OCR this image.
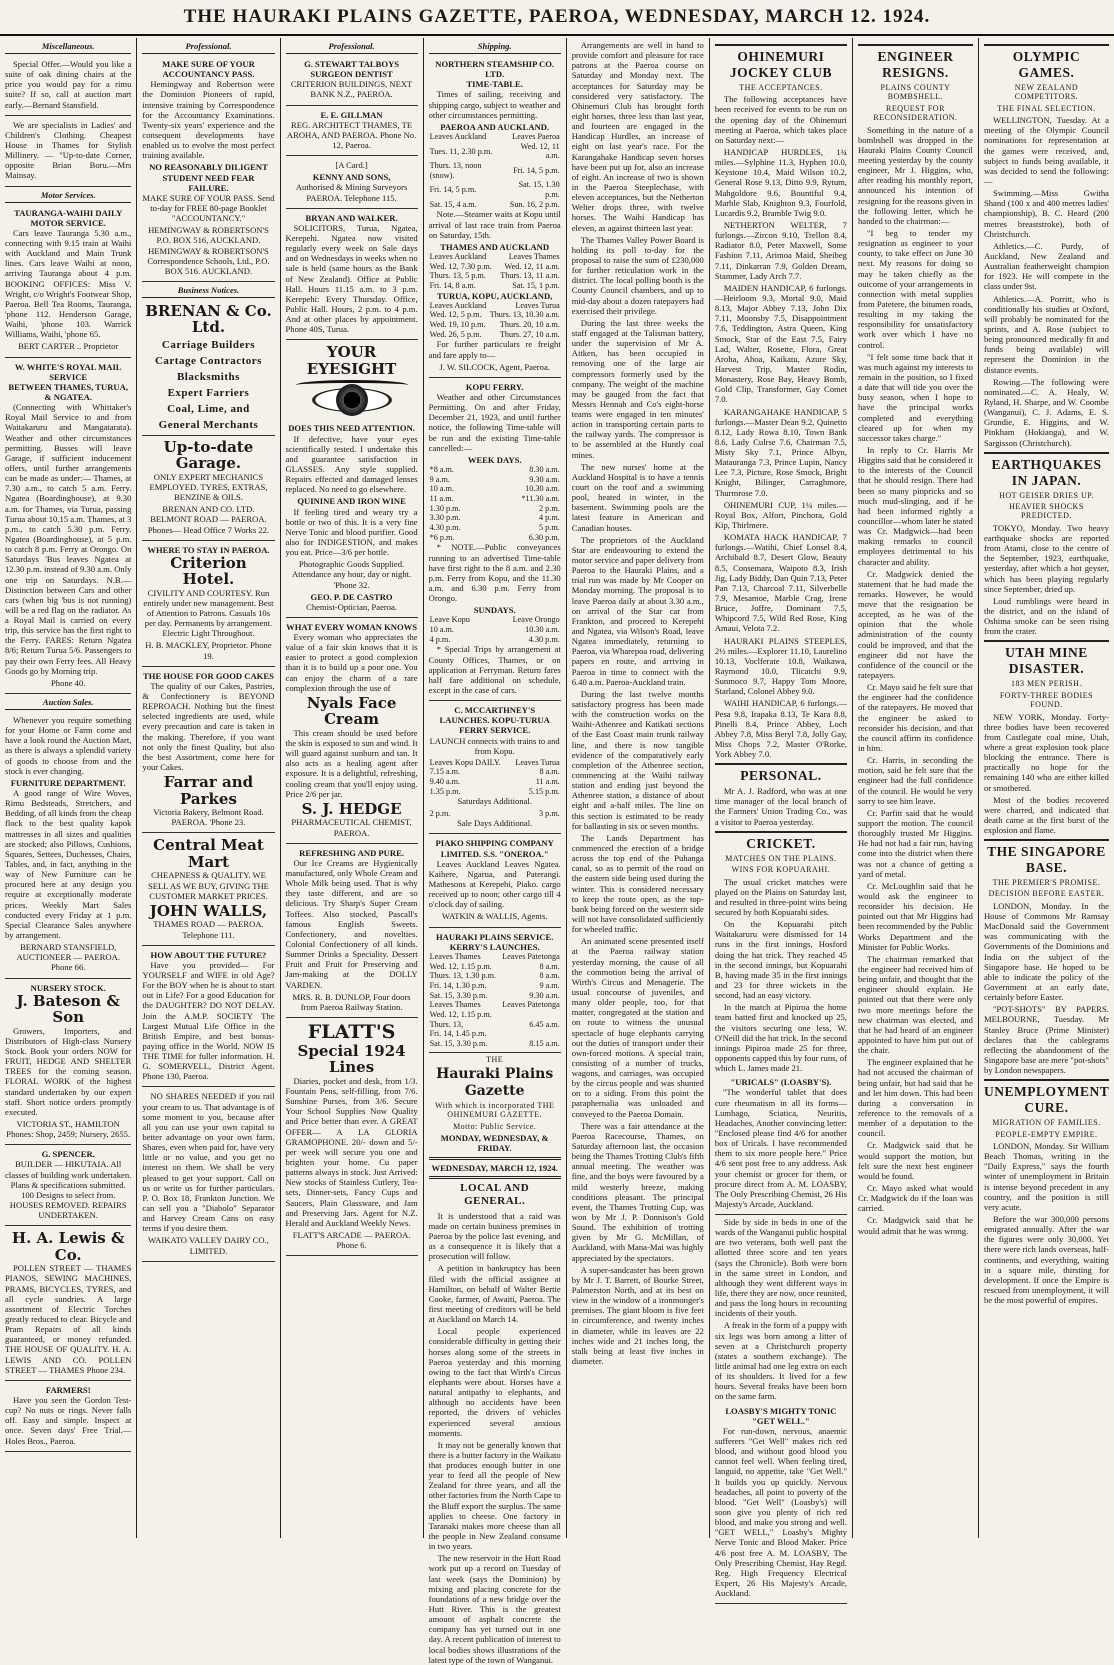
THE HAURAKI PLAINS GAZETTE, PAEROA, WEDNESDAY, MARCH 12. 1924.
Miscellaneous.

Special Offer.—Would you like a suite of oak dining chairs at the price you would pay for a rimu suite? If so, call at auction mart early.—Bernard Stansfield.

We are specialists in Ladies' and Children's Clothing. Cheapest House in Thames for Stylish Millinery. — "Up-to-date Corner, opposite Brian Boru.—Mrs Mainsay.

Motor Services.
TAURANGA-WAIHI DAILY MOTOR SERVICE.

Cars leave Tauranga 5.30 a.m., connecting with 9.15 train at Waihi with Auckland and Main Trunk lines. Cars leave Waihi at noon, arriving Tauranga about 4 p.m. BOOKING OFFICES: Miss V. Wright, c/o Wright's Footwear Shop, Paeroa. Bell Tea Rooms, Tauranga, 'phone 112. Henderson Garage, Waihi, 'phone 103. Warrick Williams, Waihi, 'phone 65.

BERT CARTER .. Proprietor

W. WHITE'S ROYAL MAIL SERVICE
BETWEEN THAMES, TURUA, & NGATEA.

(Connecting with Whittaker's Royal Mail Service to and from Waitakaruru and Mangatarata). Weather and other circumstances permitting. Busses will leave Garage, if sufficient inducement offers, until further arrangements can be made as under:— Thames, at 7.30 a.m., to catch 5 a.m. Ferry. Ngatea (Boardinghouse), at 9.30 a.m. for Thames, via Turua, passing Turua about 10.15 a.m. Thames, at 3 p.m., to catch 5.30 p.m. Ferry. Ngatea (Boardinghouse), at 5 p.m. to catch 8 p.m. Ferry at Orongo. On Saturdays 'Bus leaves Ngatea at 12.30 p.m. instead of 9.30 a.m. Only one trip on Saturdays. N.B.—Distinction between Cars and other cars (when big 'bus is not running) will be a red flag on the radiator. As a Royal Mail is carried on every trip, this service has the first right to the Ferry. FARES: Return Ngatea 8/6; Return Turua 5/6. Passengers to pay their own Ferry fees. All Heavy Goods go by Morning trip.

Phone 40.

Auction Sales.

Whenever you require something for your Home or Farm come and have a look round the Auction Mart, as there is always a splendid variety of goods to choose from and the stock is ever changing.

FURNITURE DEPARTMENT.

A good range of Wire Woves, Rimu Bedsteads, Stretchers, and Bedding, of all kinds from the cheap flock to the best quality kapok mattresses in all sizes and qualities are stocked; also Pillows, Cushions, Squares, Settees, Duchesses, Chairs, Tables, and, in fact, anything in the way of New Furniture can be procured here at any design you require at exceptionally moderate prices. Weekly Mart Sales conducted every Friday at 1 p.m. Special Clearance Sales anywhere by arrangement.

BERNARD STANSFIELD, AUCTIONEER — PAEROA. Phone 66.

NURSERY STOCK.
J. Bateson & Son

Growers, Importers, and Distributors of High-class Nursery Stock. Book your orders NOW for FRUIT, HEDGE AND SHELTER TREES for the coming season. FLORAL WORK of the highest standard undertaken by our expert staff. Short notice orders promptly executed.

VICTORIA ST., HAMILTON Phones: Shop, 2459; Nursery, 2655.

G. SPENCER.

BUILDER — HIKUTAIA. All classes of building work undertaken. Plans & specifications submitted. 100 Designs to select from. HOUSES REMOVED. REPAIRS UNDERTAKEN.

H. A. Lewis & Co.

POLLEN STREET — THAMES PIANOS, SEWING MACHINES, PRAMS, BICYCLES, TYRES, and all cycle sundries. A large assortment of Electric Torches greatly reduced to clear. Bicycle and Pram Repairs of all kinds guaranteed, or money refunded. THE HOUSE OF QUALITY. H. A. LEWIS AND CO. POLLEN STREET — THAMES Phone 234.

FARMERS!

Have you seen the Gordon Test-cup? No nuts or rings. Never falls off. Easy and simple. Inspect at once. Seven days' Free Trial.—Holes Bros., Paeroa.

Professional.
MAKE SURE OF YOUR ACCOUNTANCY PASS.

Hemingway and Robertson were the Dominion Pioneers of rapid, intensive training by Correspondence for the Accountancy Examinations. Twenty-six years' experience and the consequent developments have enabled us to evolve the most perfect training available.

NO REASONABLY DILIGENT STUDENT NEED FEAR FAILURE.

MAKE SURE OF YOUR PASS. Send to-day for FREE 80-page Booklet "ACCOUNTANCY."

HEMINGWAY & ROBERTSON'S P.O. BOX 516, AUCKLAND. HEMINGWAY & ROBERTSON'S Correspondence Schools, Ltd., P.O. BOX 516. AUCKLAND.

Business Notices.
BRENAN & Co. Ltd.
Carriage Builders
Cartage Contractors
Blacksmiths
Expert Farriers
Coal, Lime, and
General Merchants
Up-to-date Garage.

ONLY EXPERT MECHANICS EMPLOYED. TYRES, EXTRAS, BENZINE & OILS.

BRENAN AND CO. LTD. BELMONT ROAD — PAEROA. Phones— Head Office 7 Works 22.

WHERE TO STAY IN PAEROA.
Criterion Hotel.

CIVILITY AND COURTESY. Run entirely under new management. Best of Attention to Patrons. Casuals 10s per day. Permanents by arrangement. Electric Light Throughout.

H. B. MACKLEY, Proprietor. Phone 19.

THE HOUSE FOR GOOD CAKES

The quality of our Cakes, Pastries, & Confectionery is BEYOND REPROACH. Nothing but the finest selected ingredients are used, while every precaution and care is taken in the making. Therefore, if you want not only the finest Quality, but also the best Assortment, come here for your Cakes.

Farrar and Parkes

Victoria Bakery, Belmont Road. PAEROA. 'Phone 23.

Central Meat Mart

CHEAPNESS & QUALITY. WE SELL AS WE BUY, GIVING THE CUSTOMER MARKET PRICES.

JOHN WALLS,

THAMES ROAD — PAEROA. Telephone 111.

HOW ABOUT THE FUTURE?

Have you provided— For YOURSELF and WIFE in old Age? For the BOY when he is about to start out in Life? For a good Education for the DAUGHTER? DO NOT DELAY. Join the A.M.P. SOCIETY The Largest Mutual Life Office in the British Empire, and best bonus-paying office in the World. NOW IS THE TIME for fuller information. H. G. SOMERVELL, District Agent. Phone 130, Paeroa.

NO SHARES NEEDED if you rail your cream to us. That advantage is of some moment to you, because after all you can use your own capital to better advantage on your own farm. Shares, even when paid for, have very little or no value, and you get no interest on them. We shall be very pleased to get your support. Call on us or write us for further particulars. P. O. Box 18, Frankton Junction. We can sell you a "Diabolo" Separator and Harvey Cream Cans on easy terms if you desire them.

WAIKATO VALLEY DAIRY CO., LIMITED.

Professional.
G. STEWART TALBOYS
SURGEON DENTIST

CRITERION BUILDINGS, NEXT BANK N.Z., PAEROA.

E. E. GILLMAN

REG. ARCHITECT THAMES, TE AROHA, AND PAEROA. Phone No. 12, Paeroa.

[A Card.]

KENNY AND SONS,

Authorised & Mining Surveyors PAEROA. Telephone 115.

BRYAN AND WALKER.

SOLICITORS, Turua, Ngatea, Kerepehi. Ngatea now visited regularly every week on Sale days and on Wednesdays in weeks when no sale is held (same hours as the Bank of New Zealand). Office at Public Hall. Hours 11.15 a.m. to 3 p.m. Kerepehi: Every Thursday. Office, Public Hall. Hours, 2 p.m. to 4 p.m. And at other places by appointment. Phone 40S, Turua.

YOUR EYESIGHT
DOES THIS NEED ATTENTION.

If defective, have your eyes scientifically tested. I undertake this and guarantee satisfaction in GLASSES. Any style supplied. Repairs effected and damaged lenses replaced. No need to go elsewhere.

QUININE AND IRON WINE

If feeling tired and weary try a bottle or two of this. It is a very fine Nerve Tonic and blood purifier. Good also for INDIGESTION, and makes you eat. Price—3/6 per bottle.

Photographic Goods Supplied. Attendance any hour, day or night. 'Phone 32.

GEO. P. DE CASTRO

Chemist-Optician, Paeroa.

WHAT EVERY WOMAN KNOWS

Every woman who appreciates the value of a fair skin knows that it is easier to protect a good complexion than it is to build up a poor one. You can enjoy the charm of a rare complexion through the use of

Nyals Face Cream

This cream should be used before the skin is exposed to sun and wind. It will guard against sunburn and tan. It also acts as a healing agent after exposure. It is a delightful, refreshing, cooling cream that you'll enjoy using. Price 2/6 per jar.

S. J. HEDGE

PHARMACEUTICAL CHEMIST, PAEROA.

REFRESHING AND PURE.

Our Ice Creams are Hygienically manufactured, only Whole Cream and Whole Milk being used. That is why they taste different, and are so delicious. Try Sharp's Super Cream Toffees. Also stocked, Pascall's famous English Sweets. Confectionery, and novelties. Colonial Confectionery of all kinds. Summer Drinks a Speciality. Dessert Fruit and Fruit for Preserving and Jam-making at the DOLLY VARDEN.

MRS. R. B. DUNLOP, Four doors from Paeroa Railway Station.

FLATT'S
Special 1924 Lines

Diaries, pocket and desk, from 1/3. Fountain Pens, self-filling, from 7/6. Sunshine Purses, from 3/6. Secure Your School Supplies Now Quality and Price better than ever. A GREAT OFFER— A LA GLORIA GRAMOPHONE. 20/- down and 5/- per week will secure you one and brighten your home. Cu paper patterns always in stock. Just Arrived: New stocks of Stainless Cutlery, Tea-sets, Dinner-sets, Fancy Cups and Saucers, Plain Glassware, and Jam and Preserving Jars. Agent for N.Z. Herald and Auckland Weekly News.

FLATT'S ARCADE — PAEROA. Phone 6.

Shipping.
NORTHERN STEAMSHIP CO. LTD.
TIME-TABLE.

Times of sailing, receiving and shipping cargo, subject to weather and other circumstances permitting.

PAEROA AND AUCKLAND.
Leaves Auckland	Leaves Paeroa
Tues. 11, 2.30 p.m.	Wed. 12, 11 a.m.
Thurs. 13, noon (snow).	Fri. 14, 5 p.m.
Fri. 14, 5 p.m.	Sat. 15, 1.30 p.m.
Sat. 15, 4 a.m.	Sun. 16, 2 p.m.

Note.—Steamer waits at Kopu until arrival of last race train from Paeroa on Saturday, 15th.

THAMES AND AUCKLAND
Leaves Auckland	Leaves Thames
Wed. 12, 7.30 p.m.	Wed. 12, 11 a.m.
Thurs. 13, 5 p.m.	Thurs. 13, 11 a.m.
Fri. 14, 8 a.m.	Sat. 15, 1 p.m.
TURUA, KOPU, AUCKLAND,
Leaves Auckland	Leaves Turua
Wed. 12, 5 p.m.	Thurs. 13, 10.30 a.m.
Wed. 19, 10 p.m.	Thurs. 20, 10 a.m.
Wed. 26, 5 p.m.	Thurs. 27, 10 a.m.

For further particulars re freight and fare apply to—

J. W. SILCOCK, Agent, Paeroa.

KOPU FERRY.

Weather and other Circumstances Permitting. On and after Friday, December 21, 1923, and until further notice, the following Time-table will be run and the existing Time-table cancelled:—

WEEK DAYS.
*8 a.m.	8.30 a.m.
9 a.m.	9.30 a.m.
10 a.m.	10.30 a.m.
11 a.m.	*11.30 a.m.
1.30 p.m.	2 p.m.
3.30 p.m.	4 p.m.
4.30 p.m.	5 p.m.
*6 p.m.	6.30 p.m.

* NOTE.—Public conveyances running to an advertised Time-table have first right to the 8 a.m. and 2.30 p.m. Ferry from Kopu, and the 11.30 a.m. and 6.30 p.m. Ferry from Orongo.

SUNDAYS.
Leave Kopu	Leave Orongo
10 a.m.	10.30 a.m.
4 p.m.	4.30 p.m.

* Special Trips by arrangement at County Offices, Thames, or on application at Ferryman. Return fares half fare additional on schedule, except in the case of cars.

C. MCCARTHNEY'S LAUNCHES. KOPU-TURUA FERRY SERVICE.

LAUNCH connects with trains to and from Kopu.

Leaves Kopu DAILY.	Leaves Turua
7.15 a.m.	8 a.m.
9.40 a.m.	11 a.m.
1.35 p.m.	5.15 p.m.

Saturdays Additional.

2 p.m.	3 p.m.

Sale Days Additional.

PIAKO SHIPPING COMPANY LIMITED. S.S. "ONEROA."

Leaves Auckland Leaves Ngatea. Kaihere, Ngarua, and Paterangi. Mathesons at Kerepehi, Piako. cargo received up to noon; other cargo till 4 o'clock day of sailing.

WATKIN & WALLIS, Agents.

HAURAKI PLAINS SERVICE. KERRY'S LAUNCHES.
Leaves Thames	Leaves Patetonga
Wed. 12, 1.15 p.m.	8 a.m.
Thurs. 13, 1.30 p.m.	8 a.m.
Fri. 14, 1.30 p.m.	9 a.m.
Sat. 15, 3.30 p.m.	9.30 a.m.
Leaves Thames	Leaves Patetonga
Wed. 12, 1.15 p.m.	
Thurs. 13,	6.45 a.m.
Fri. 14, 1.45 p.m.	
Sat. 15, 3.30 p.m.	8.15 a.m.
THE
Hauraki Plains Gazette
With which is incorporated THE OHINEMURI GAZETTE.
Motto: Public Service.
MONDAY, WEDNESDAY, & FRIDAY.
WEDNESDAY, MARCH 12, 1924.
LOCAL AND GENERAL.

It is understood that a raid was made on certain business premises in Paeroa by the police last evening, and as a consequence it is likely that a prosecution will follow.

A petition in bankruptcy has been filed with the official assignee at Hamilton, on behalf of Walter Bertie Cooke, farmer, of Awaiti, Paeroa. The first meeting of creditors will be held at Auckland on March 14.

Local people experienced considerable difficulty in getting their horses along some of the streets in Paeroa yesterday and this morning owing to the fact that Wirth's Circus elephants were about. Horses have a natural antipathy to elephants, and although no accidents have been reported, the drivers of vehicles experienced several anxious moments.

It may not be generally known that there is a butter factory in the Waikato that produces enough butter in one year to feed all the people of New Zealand for three years, and all the other factories from the North Cape to the Bluff export the surplus. The same applies to cheese. One factory in Taranaki makes more cheese than all the people in New Zealand consume in two years.

The new reservoir in the Hutt Road work put up a record on Tuesday of last week (says the Dominion) by mixing and placing concrete for the foundations of a new bridge over the Hutt River. This is the greatest amount of asphalt concrete the company has yet turned out in one day. A recent publication of interest to local bodies shows illustrations of the latest type of the town of Wanganui.

Arrangements are well in hand to provide comfort and pleasure for race patrons at the Paeroa course on Saturday and Monday next. The acceptances for Saturday may be considered very satisfactory. The Ohinemuri Club has brought forth eight horses, three less than last year, and fourteen are engaged in the Handicap Hurdles, an increase of eight on last year's race. For the Karangahake Handicap seven horses have been put up for, also an increase of eight. An increase of two is shown in the Paeroa Steeplechase, with eleven acceptances, but the Netherton Welter drops three, with twelve horses. The Waihi Handicap has eleven, as against thirteen last year.

The Thames Valley Power Board is holding its poll to-day for the proposal to raise the sum of £230,000 for further reticulation work in the district. The local polling booth is the County Council chambers, and up to mid-day about a dozen ratepayers had exercised their privilege.

During the last three weeks the staff engaged at the Talisman battery, under the supervision of Mr A. Aitken, has been occupied in removing one of the large air compressors formerly used by the company. The weight of the machine may be gauged from the fact that Messrs Hennah and Co's eight-horse teams were engaged in ten minutes' action in transporting certain parts to the railway yards. The compressor is to be assembled at the Huntly coal mines.

The new nurses' home at the Auckland Hospital is to have a tennis court on the roof and a swimming pool, heated in winter, in the basement. Swimming pools are the latest feature in American and Canadian houses.

The proprietors of the Auckland Star are endeavouring to extend the motor service and paper delivery from Paeroa to the Hauraki Plains, and a trial run was made by Mr Cooper on Monday morning. The proposal is to leave Paeroa daily at about 3.30 a.m., on arrival of the Star car from Frankton, and proceed to Kerepehi and Ngatea, via Wilson's Road, leave Ngatea immediately, returning to Paeroa, via Wharepoa road, delivering papers en route, and arriving in Paeroa in time to connect with the 6.40 a.m. Paeroa-Auckland train.

During the last twelve months satisfactory progress has been made with the construction works on the Waihi-Athenree and Katikati sections of the East Coast main trunk railway line, and there is now tangible evidence of the comparatively early completion of the Athenree section, commencing at the Waihi railway station and ending just beyond the Athenree station, a distance of about eight and a-half miles. The line on this section is estimated to be ready for ballasting in six or seven months.

The Lands Department has commenced the erection of a bridge across the top end of the Puhanga canal, so as to permit of the road on the eastern side being used during the winter. This is considered necessary to keep the route open, as the top-bank being forced on the western side will not have consolidated sufficiently for wheeled traffic.

An animated scene presented itself at the Paeroa railway station yesterday morning, the cause of all the commotion being the arrival of Wirth's Circus and Menagerie. The usual concourse of juveniles, and many older people, too, for that matter, congregated at the station and on route to witness the unusual spectacle of huge elephants carrying out the duties of transport under their own-forced motions. A special train, consisting of a number of trucks, wagons, and carriages, was occupied by the circus people and was shunted on to a siding. From this point the paraphernalia was unloaded and conveyed to the Paeroa Domain.

There was a fair attendance at the Paeroa Racecourse, Thames, on Saturday afternoon last, the occasion being the Thames Trotting Club's fifth annual meeting. The weather was fine, and the boys were favoured by a mild westerly breeze, making conditions pleasant. The principal event, the Thames Trotting Cup, was won by Mr J. P. Donnison's Gold Sound. The exhibition of trotting given by Mr G. McMillan, of Auckland, with Mana-Mai was highly appreciated by the spectators.

A super-sandcaster has been grown by Mr J. T. Barrett, of Bourke Street, Palmerston North, and at its best on view in the window of a ironmonger's premises. The giant bloom is five feet in circumference, and twenty inches in diameter, while its leaves are 22 inches wide and 21 inches long, the stalk being at least five inches in diameter.

OHINEMURI JOCKEY CLUB
THE ACCEPTANCES.

The following acceptances have been received for events to be run on the opening day of the Ohinemuri meeting at Paeroa, which takes place on Saturday next:—

HANDICAP HURDLES, 1¾ miles.—Sylphine 11.3, Hyphen 10.0, Keystone 10.4, Maid Wilson 10.2, General Rose 9.13, Ditto 9.9, Rytum, Mahgoldore 9.6, Bountiful 9.4, Marble Slab, Knighton 9.3, Fourfold, Lucardis 9.2, Bramble Twig 9.0.

NETHERTON WELTER, 7 furlongs.—Zircon 9.10, Trellon 8.4, Radiator 8.0, Peter Maxwell, Some Fashion 7.11, Arimoa Maid, Sheibeg 7.11, Dinkarran 7.9, Golden Dream, Stammer, Lady Arch 7.7.

MAIDEN HANDICAP, 6 furlongs.—Heirloom 9.3, Mortal 9.0, Maid 8.13, Major Abbey 7.13, John Dix 7.11, Moonsby 7.5, Disappointment 7.6, Teddington, Astra Queen, King Smock, Star of the East 7.5, Fairy Lad, Walter, Rosette, Flora, Great Aroha, Ahoa, Kaikatu, Azure Sky, Harvest Trip, Master Rodin, Monastery, Rose Bay, Heavy Bomb, Gold Clip, Transformer, Gay Comet 7.0.

KARANGAHAKE HANDICAP, 5 furlongs.—Master Dean 9.2, Quinetto 8.12, Lady Rowa 8.10, Town Bank 8.6, Lady Culrse 7.6, Chairman 7.5, Misty Sky 7.1, Prince Albyn, Matauranga 7.3, Prince Lupin, Nancy Lee 7.3, Picture, Rose Smock, Bright Knight, Bilinger, Carraghmore, Thurmrose 7.0.

OHINEMURI CUP, 1¼ miles.—Royal Box, Alfort, Pinchora, Gold Kip, Thirlmere.

KOMATA HACK HANDICAP, 7 furlongs.—Watihi, Chief Lonsel 8.4, Archibald 8.7, Desert Glow, Beauty 8.5, Consemara, Waipoto 8.3, Irish Jig, Lady Biddy, Dan Quin 7.13, Peter Pan 7.13, Charcoal 7.11, Silverbelle 7.9, Mesamoe, Marble Crag, Irene Bruce, Joffre, Dominant 7.5, Whipcord 7.5, Wild Red Rose, King Amaui, Velota 7.2.

HAURAKI PLAINS STEEPLES, 2½ miles.—Explorer 11.10, Laurelino 10.13, Voclferate 10.8, Waikawa, Raymond 10.0, Tlicatchi 9.9, Sunmoco 9.7, Happy Tom Moore, Starland, Colonel Abbey 9.0.

WAIHI HANDICAP, 6 furlongs.—Pesa 9.8, Irapaka 8.13, Te Kara 8.8, Pinelli 8.4, Prince Abbey, Loch Abbey 7.8, Miss Beryl 7.8, Jolly Gay, Miss Chops 7.2, Master O'Rorke, York Abbey 7.0.

PERSONAL.

Mr A. J. Radford, who was at one time manager of the local branch of the Farmers' Union Trading Co., was a visitor to Paeroa yesterday.

CRICKET.
MATCHES ON THE PLAINS.
WINS FOR KOPUARAHI.

The usual cricket matches were played on the Plains on Saturday last, and resulted in three-point wins being secured by both Kopuarahi sides.

On the Kopuarahi pitch Waitakaruru were dismissed for 14 runs in the first innings, Hosford doing the hat trick. They reached 45 in the second innings, but Kopuarahi B, having made 35 in the first innings and 23 for three wickets in the second, had an easy victory.

In the match at Pipiroa the home team batted first and knocked up 25, the visitors securing one less, W. O'Neill did the hat trick. In the second innings Pipiroa made 25 for three, opponents capped this by four runs, of which L. James made 21.

"URICALS" (LOASBY'S).

"The wonderful tablet that does cure rheumatism in all its forms—Lumbago, Sciatica, Neuritis, Headaches, Another convincing letter: "Enclosed please find 4/6 for another box of Uricals. I have recommended them to six more people here." Price 4/6 sent post free to any address. Ask your chemist or grocer for them, or procure direct from A. M. LOASBY, The Only Prescribing Chemist, 26 His Majesty's Arcade, Auckland.

Side by side in beds in one of the wards of the Wanganui public hospital are two veterans, both well past the allotted three score and ten years (says the Chronicle). Both were born in the same street in London, and although they went different ways in life, there they are now, once reunited, and pass the long hours in recounting incidents of their youth.

A freak in the form of a puppy with six legs was born among a litter of seven at a Christchurch property (states a southern exchange). The little animal had one leg extra on each of its shoulders. It lived for a few hours. Several freaks have been born on the same farm.

LOASBY'S MIGHTY TONIC "GET WELL."

For run-down, nervous, anaemic sufferers "Get Well" makes rich red blood, and without good blood you cannot feel well. When feeling tired, languid, no appetite, take "Get Well." It builds you up quickly. Nervous headaches, all point to poverty of the blood. "Get Well" (Loasby's) will soon give you plenty of rich red blood, and make you strong and well. "GET WELL," Loasby's Mighty Nerve Tonic and Blood Maker. Price 4/6 post free A. M. LOASBY, The Only Prescribing Chemist, Hay Regd. Reg. High Frequency Electrical Expert, 26 His Majesty's Arcade, Auckland.

ENGINEER RESIGNS.
PLAINS COUNTY BOMBSHELL.
REQUEST FOR RECONSIDERATION.

Something in the nature of a bombshell was dropped in the Hauraki Plains County Council meeting yesterday by the county engineer, Mr J. Higgins, who, after reading his monthly report, announced his intention of resigning for the reasons given in the following letter, which he handed to the chairman:—

"I beg to tender my resignation as engineer to your county, to take effect on June 30 next. My reasons for doing so may be taken chiefly as the outcome of your arrangements in connection with metal supplies from Patetere, the bitumen roads, resulting in my taking the responsibility for unsatisfactory work over which I have no control.

"I felt some time back that it was much against my interests to remain in the position, so I fixed a date that will tide you over the busy season, when I hope to have the principal works completed and everything cleared up for when my successor takes charge."

In reply to Cr. Harris Mr Higgins said that he considered it to the interests of the Council that he should resign. There had been so many pinpricks and so much mud-slinging, and if he had been informed rightly a councillor—whom later he stated was Cr. Madgwick—had been making remarks to council employees detrimental to his character and ability.

Cr. Madgwick denied the statement that he had made the remarks. However, he would move that the resignation be accepted, as he was of the opinion that the whole administration of the county could be improved, and that the engineer did not have the confidence of the council or the ratepayers.

Cr. Mayo said he felt sure that the engineer had the confidence of the ratepayers. He moved that the engineer be asked to reconsider his decision, and that the council affirm its confidence in him.

Cr. Harris, in seconding the motion, said he felt sure that the engineer had the full confidence of the council. He would be very sorry to see him leave.

Cr. Parfitt said that he would support the motion. The council thoroughly trusted Mr Higgins. He had not had a fair run, having come into the district when there was not a chance of getting a yard of metal.

Cr. McLoughlin said that he would ask the engineer to reconsider his decision. He pointed out that Mr Higgins had been recommended by the Public Works Department and the Minister for Public Works.

The chairman remarked that the engineer had received him of being unfair, and thought that the engineer should explain. He pointed out that there were only two more meetings before the new chairman was elected, and that he had heard of an engineer appointed to have him put out of the chair.

The engineer explained that he had not accused the chairman of being unfair, but had said that he and let him down. This had been during a conversation in reference to the removals of a member of a deputation to the council.

Cr. Madgwick said that he would support the motion, but felt sure the next best engineer would be found.

Cr. Mayo asked what would Cr. Madgwick do if the loan was carried.

Cr. Madgwick said that he would admit that he was wrong.

OLYMPIC GAMES.
NEW ZEALAND COMPETITORS.
THE FINAL SELECTION.

WELLINGTON, Tuesday. At a meeting of the Olympic Council nominations for representation at the games were received, and, subject to funds being available, it was decided to send the following:—

Swimming.—Miss Gwitha Shand (100 x and 400 metres ladies' championship), B. C. Heard (200 metres breaststroke), both of Christchurch.

Athletics.—C. Purdy, of Auckland, New Zealand and Australian featherweight champion for 1923. He will compete in the class under 9st.

Athletics.—A. Porritt, who is conditionally his studies at Oxford, will probably be nominated for the sprints, and A. Rose (subject to being pronounced medically fit and funds being available) will represent the Dominion in the distance events.

Rowing.—The following were nominated.—C. A. Healy, W. Ryland, H. Sharpe, and W. Coombe (Wanganui), C. J. Adams, E. S. Grundie, E. Higgins, and W. Pinkham (Hokianga), and W. Sargisson (Christchurch).

EARTHQUAKES IN JAPAN.
HOT GEISER DRIES UP.
HEAVIER SHOCKS PREDICTED.

TOKYO, Monday. Two heavy earthquake shocks are reported from Atami, close to the centre of the September, 1923, earthquake, yesterday, after which a hot geyser, which has been playing regularly since September, dried up.

Loud rumblings were heard in the district, and on the island of Oshima smoke can be seen rising from the crater.

UTAH MINE DISASTER.
183 MEN PERISH.
FORTY-THREE BODIES FOUND.

NEW YORK, Monday. Forty-three bodies have been recovered from Castlegate coal mine, Utah, where a great explosion took place blocking the entrance. There is practically no hope for the remaining 140 who are either killed or smothered.

Most of the bodies recovered were charred, and indicated that death came at the first burst of the explosion and flame.

THE SINGAPORE BASE.
THE PREMIER'S PROMISE.
DECISION BEFORE EASTER.

LONDON, Monday. In the House of Commons Mr Ramsay MacDonald said the Government was communicating with the Governments of the Dominions and India on the subject of the Singapore base. He hoped to be able to indicate the policy of the Government at an early date, certainly before Easter.

"POT-SHOTS" BY PAPERS. MELBOURNE, Tuesday. Mr Stanley Bruce (Prime Minister) declares that the cablegrams reflecting the abandonment of the Singapore base are mere "pot-shots" by London newspapers.

UNEMPLOYMENT CURE.
MIGRATION OF FAMILIES.
PEOPLE-EMPTY EMPIRE.

LONDON, Monday. Sir William Beach Thomas, writing in the "Daily Express," says the fourth winter of unemployment in Britain is intense beyond precedent in any country, and the position is still very acute.

Before the war 300,000 persons emigrated annually. After the war the figures were only 30,000. Yet there were rich lands overseas, half-continents, and everything, waiting in a square mile, thirsting for development. If once the Empire is rescued from unemployment, it will be the most powerful of empires.
